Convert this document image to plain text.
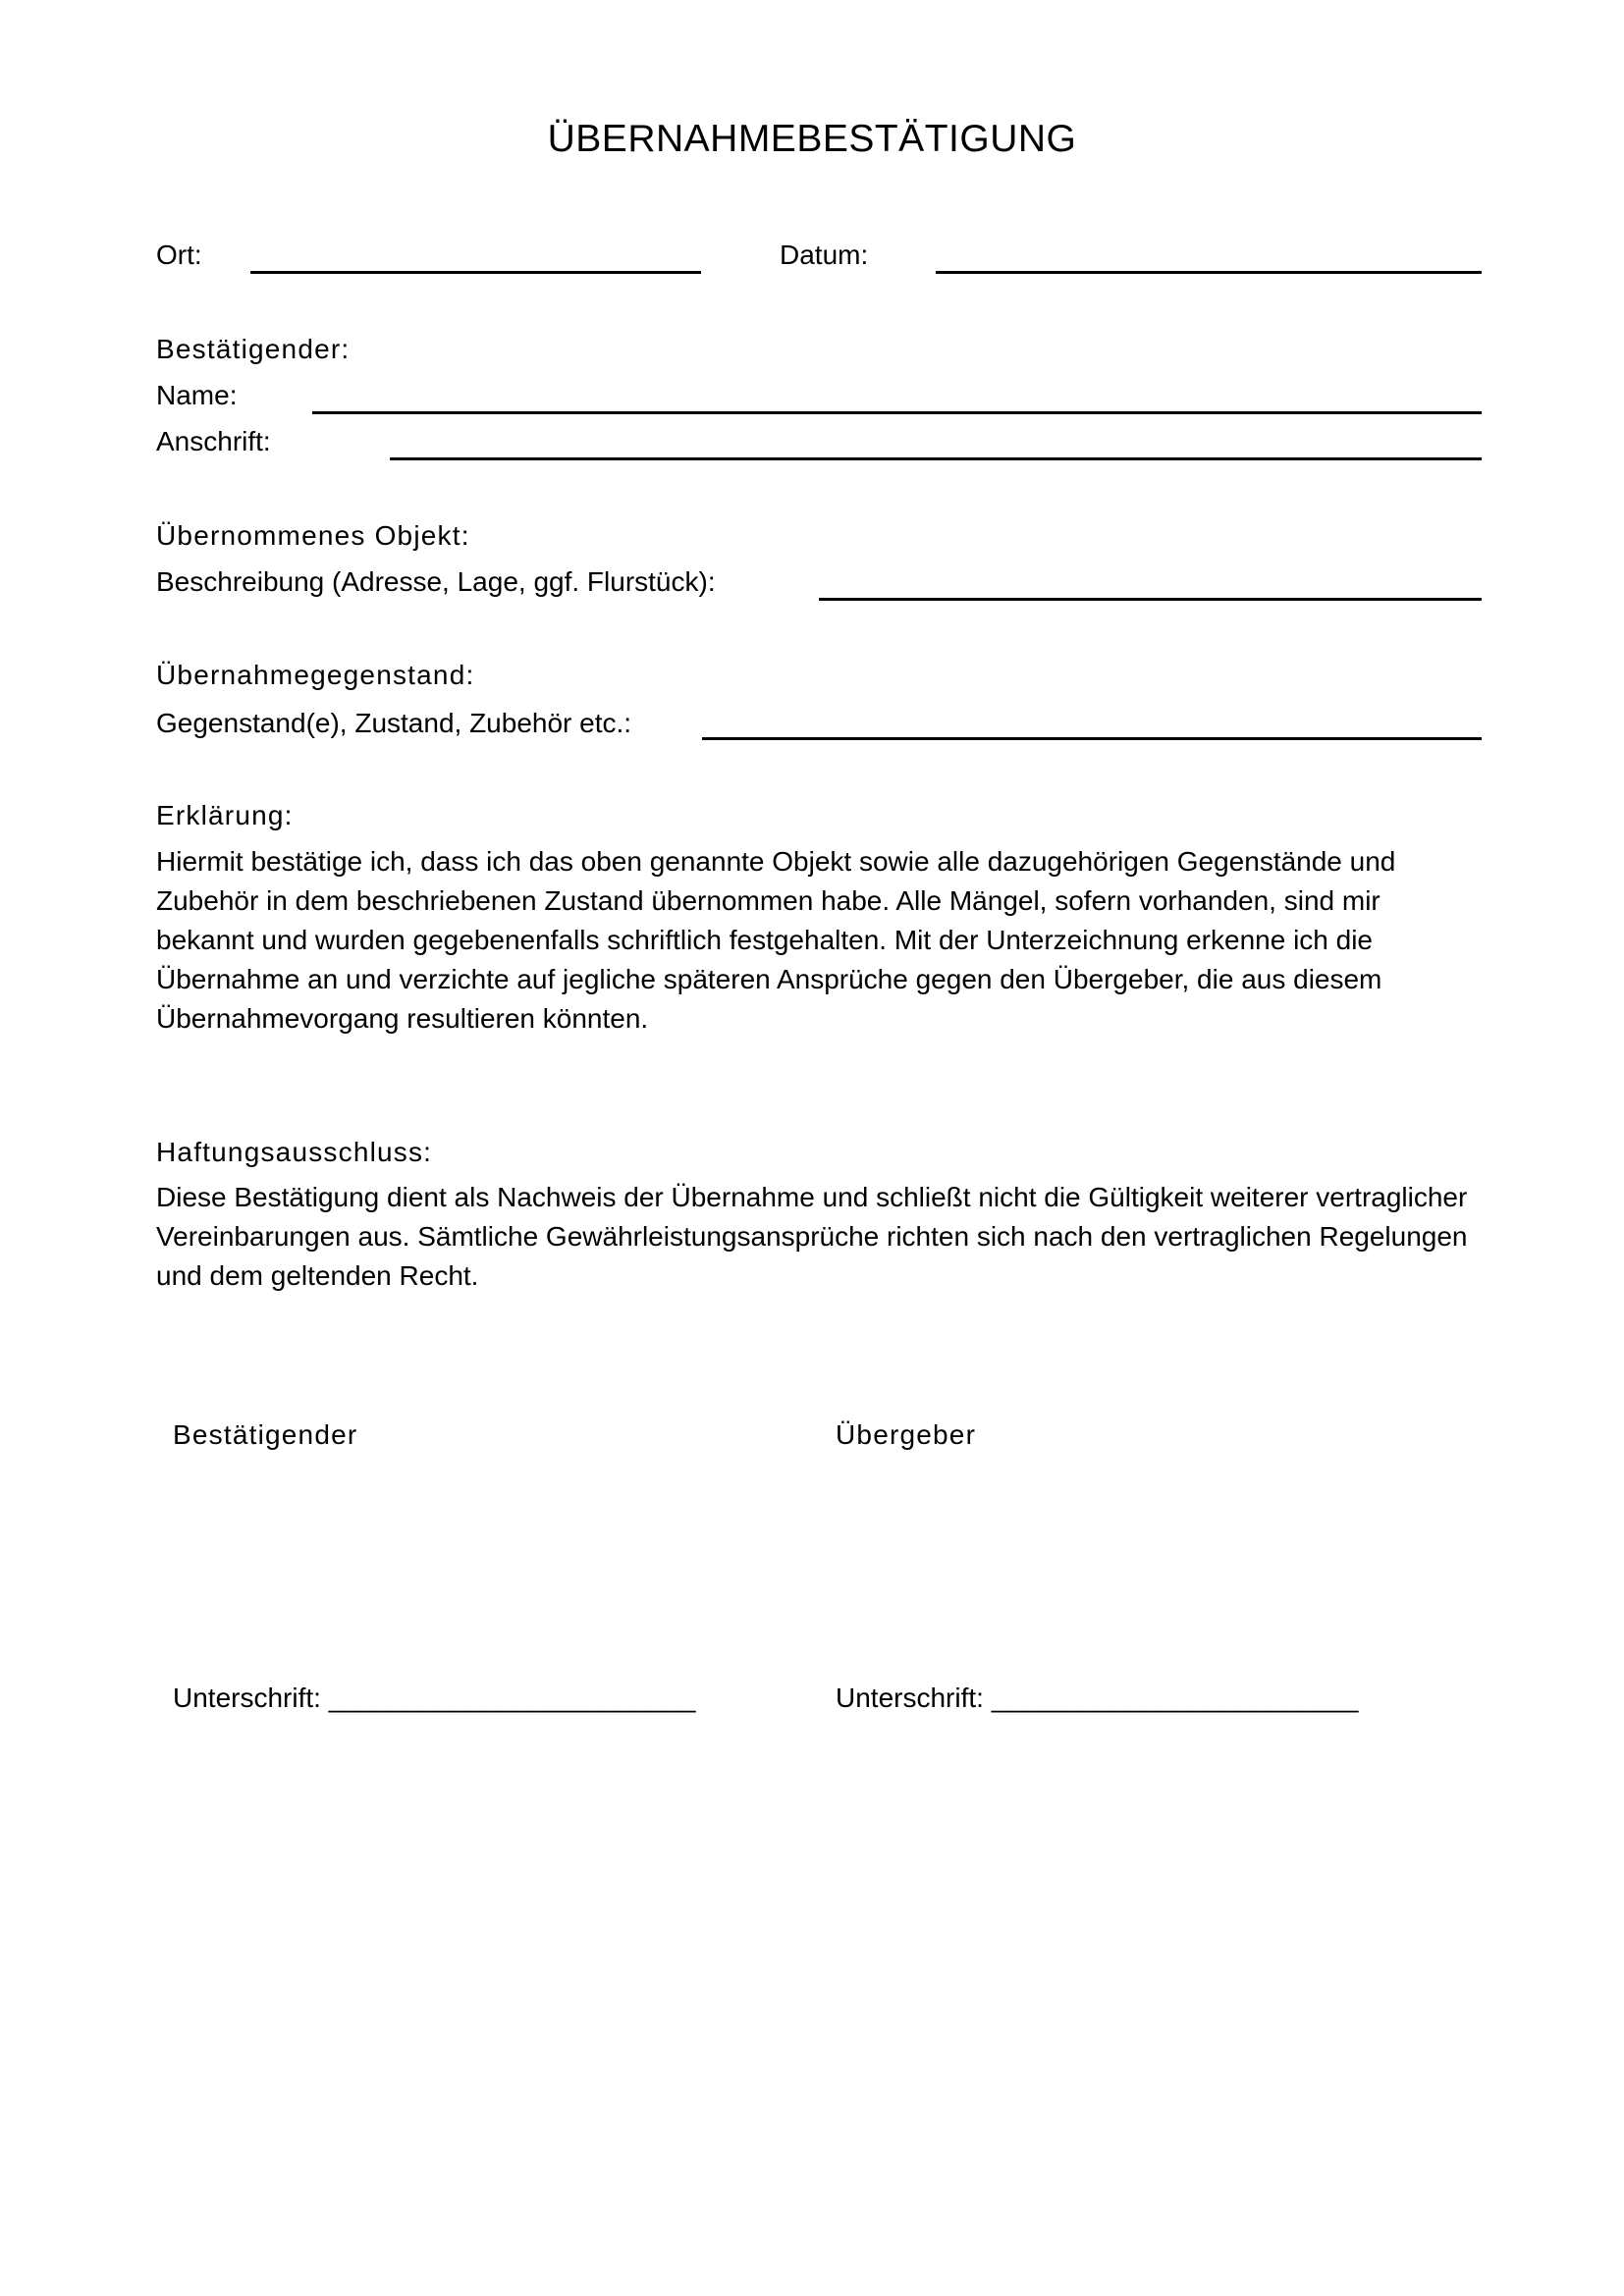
ÜBERNAHMEBESTÄTIGUNG
Ort:	Datum:
Bestätigender:
Name:
Anschrift:
Übernommenes Objekt:
Beschreibung (Adresse, Lage, ggf. Flurstück):
Übernahmegegenstand:
Gegenstand(e), Zustand, Zubehör etc.:
Erklärung:

Hiermit bestätige ich, dass ich das oben genannte Objekt sowie alle dazugehörigen Gegenstände und

Zubehör in dem beschriebenen Zustand übernommen habe. Alle Mängel, sofern vorhanden, sind mir

bekannt und wurden gegebenenfalls schriftlich festgehalten. Mit der Unterzeichnung erkenne ich die

Übernahme an und verzichte auf jegliche späteren Ansprüche gegen den Übergeber, die aus diesem

Übernahmevorgang resultieren könnten.

Haftungsausschluss:

Diese Bestätigung dient als Nachweis der Übernahme und schließt nicht die Gültigkeit weiterer vertraglicher

Vereinbarungen aus. Sämtliche Gewährleistungsansprüche richten sich nach den vertraglichen Regelungen

und dem geltenden Recht.

Bestätigender	Übergeber
Unterschrift: ________________________	Unterschrift: ________________________
